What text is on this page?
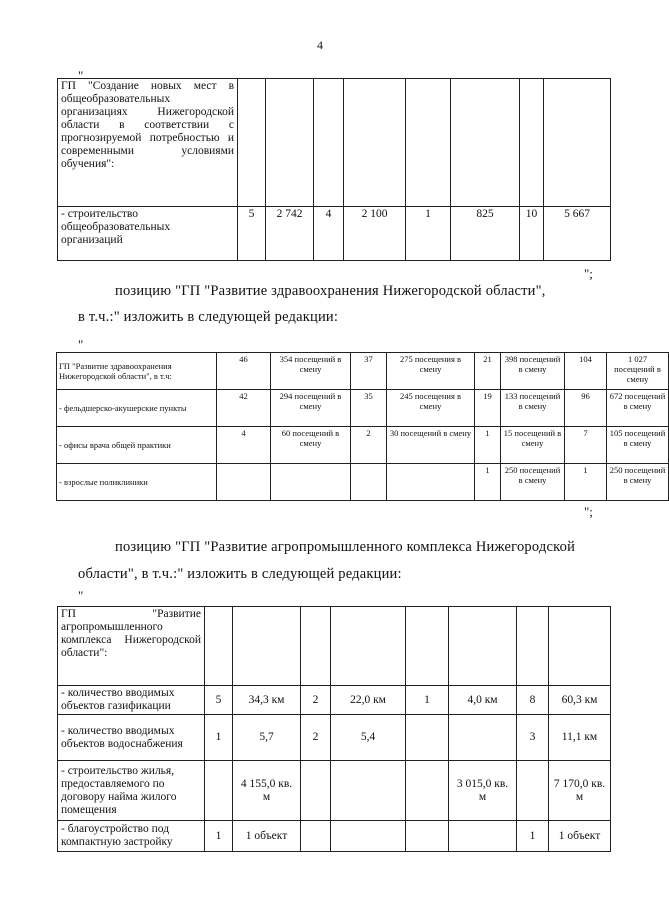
4
"
ГП "Создание новых мест в общеобразовательных организациях Нижегородской области в соответствии с прогнозируемой потребностью и современными условиями обучения":								
- строительство общеобразовательных организаций	5	2 742	4	2 100	1	825	10	5 667
";
позицию "ГП "Развитие здравоохранения Нижегородской области",
в т.ч.:" изложить в следующей редакции:
"
ГП "Развитие здравоохранения Нижегородской области", в т.ч:	46	354 посещений в смену	37	275 посещения в смену	21	398 посещений в смену	104	1 027 посещений в смену
- фельдшерско-акушерские пункты	42	294 посещений в смену	35	245 посещения в смену	19	133 посещений в смену	96	672 посещений в смену
- офисы врача общей практики	4	60 посещений в смену	2	30 посещений в смену	1	15 посещений в смену	7	105 посещений в смену
- взрослые поликлиники					1	250 посещений в смену	1	250 посещений в смену
";
позицию "ГП "Развитие агропромышленного комплекса Нижегородской
области", в т.ч.:" изложить в следующей редакции:
"
ГП "Развитие агропромышленного комплекса Нижегородской области":								
- количество вводимых объектов газификации	5	34,3 км	2	22,0 км	1	4,0 км	8	60,3 км
- количество вводимых объектов водоснабжения	1	5,7	2	5,4			3	11,1 км
- строительство жилья, предоставляемого по договору найма жилого помещения		4 155,0 кв. м				3 015,0 кв. м		7 170,0 кв. м
- благоустройство под компактную застройку	1	1 объект					1	1 объект
